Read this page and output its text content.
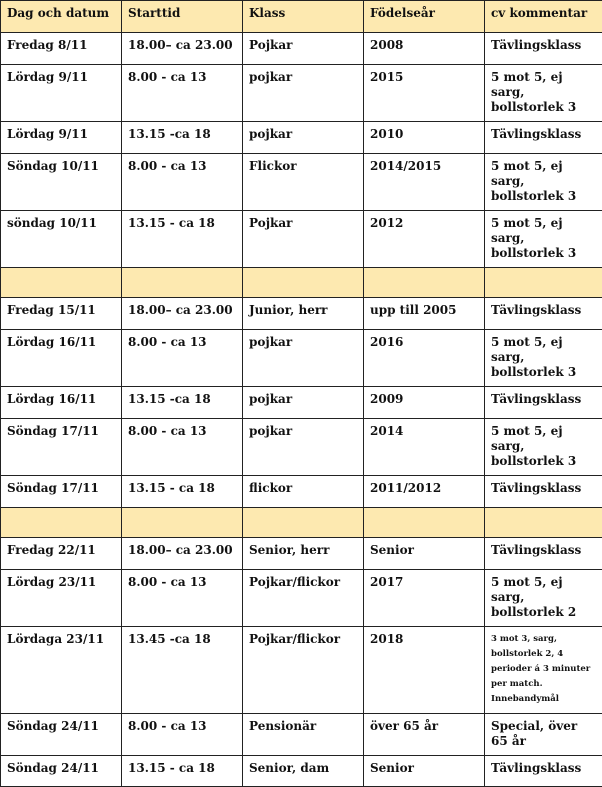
Dag och datum	Starttid	Klass	Födelseår	cv kommentar
Fredag 8/11	18.00– ca 23.00	Pojkar	2008	Tävlingsklass
Lördag 9/11	8.00 - ca 13	pojkar	2015	5 mot 5, ej sarg, bollstorlek 3
Lördag 9/11	13.15 -ca 18	pojkar	2010	Tävlingsklass
Söndag 10/11	8.00 - ca 13	Flickor	2014/2015	5 mot 5, ej sarg, bollstorlek 3
söndag 10/11	13.15 - ca 18	Pojkar	2012	5 mot 5, ej sarg, bollstorlek 3

Fredag 15/11	18.00– ca 23.00	Junior, herr	upp till 2005	Tävlingsklass
Lördag 16/11	8.00 - ca 13	pojkar	2016	5 mot 5, ej sarg, bollstorlek 3
Lördag 16/11	13.15 -ca 18	pojkar	2009	Tävlingsklass
Söndag 17/11	8.00 - ca 13	pojkar	2014	5 mot 5, ej sarg, bollstorlek 3
Söndag 17/11	13.15 - ca 18	flickor	2011/2012	Tävlingsklass

Fredag 22/11	18.00– ca 23.00	Senior, herr	Senior	Tävlingsklass
Lördag 23/11	8.00 - ca 13	Pojkar/flickor	2017	5 mot 5, ej sarg, bollstorlek 2
Lördaga 23/11	13.45 -ca 18	Pojkar/flickor	2018	3 mot 3, sarg, bollstorlek 2, 4 perioder á 3 minuter per match. Innebandymål
Söndag 24/11	8.00 - ca 13	Pensionär	över 65 år	Special, över 65 år
Söndag 24/11	13.15 - ca 18	Senior, dam	Senior	Tävlingsklass
